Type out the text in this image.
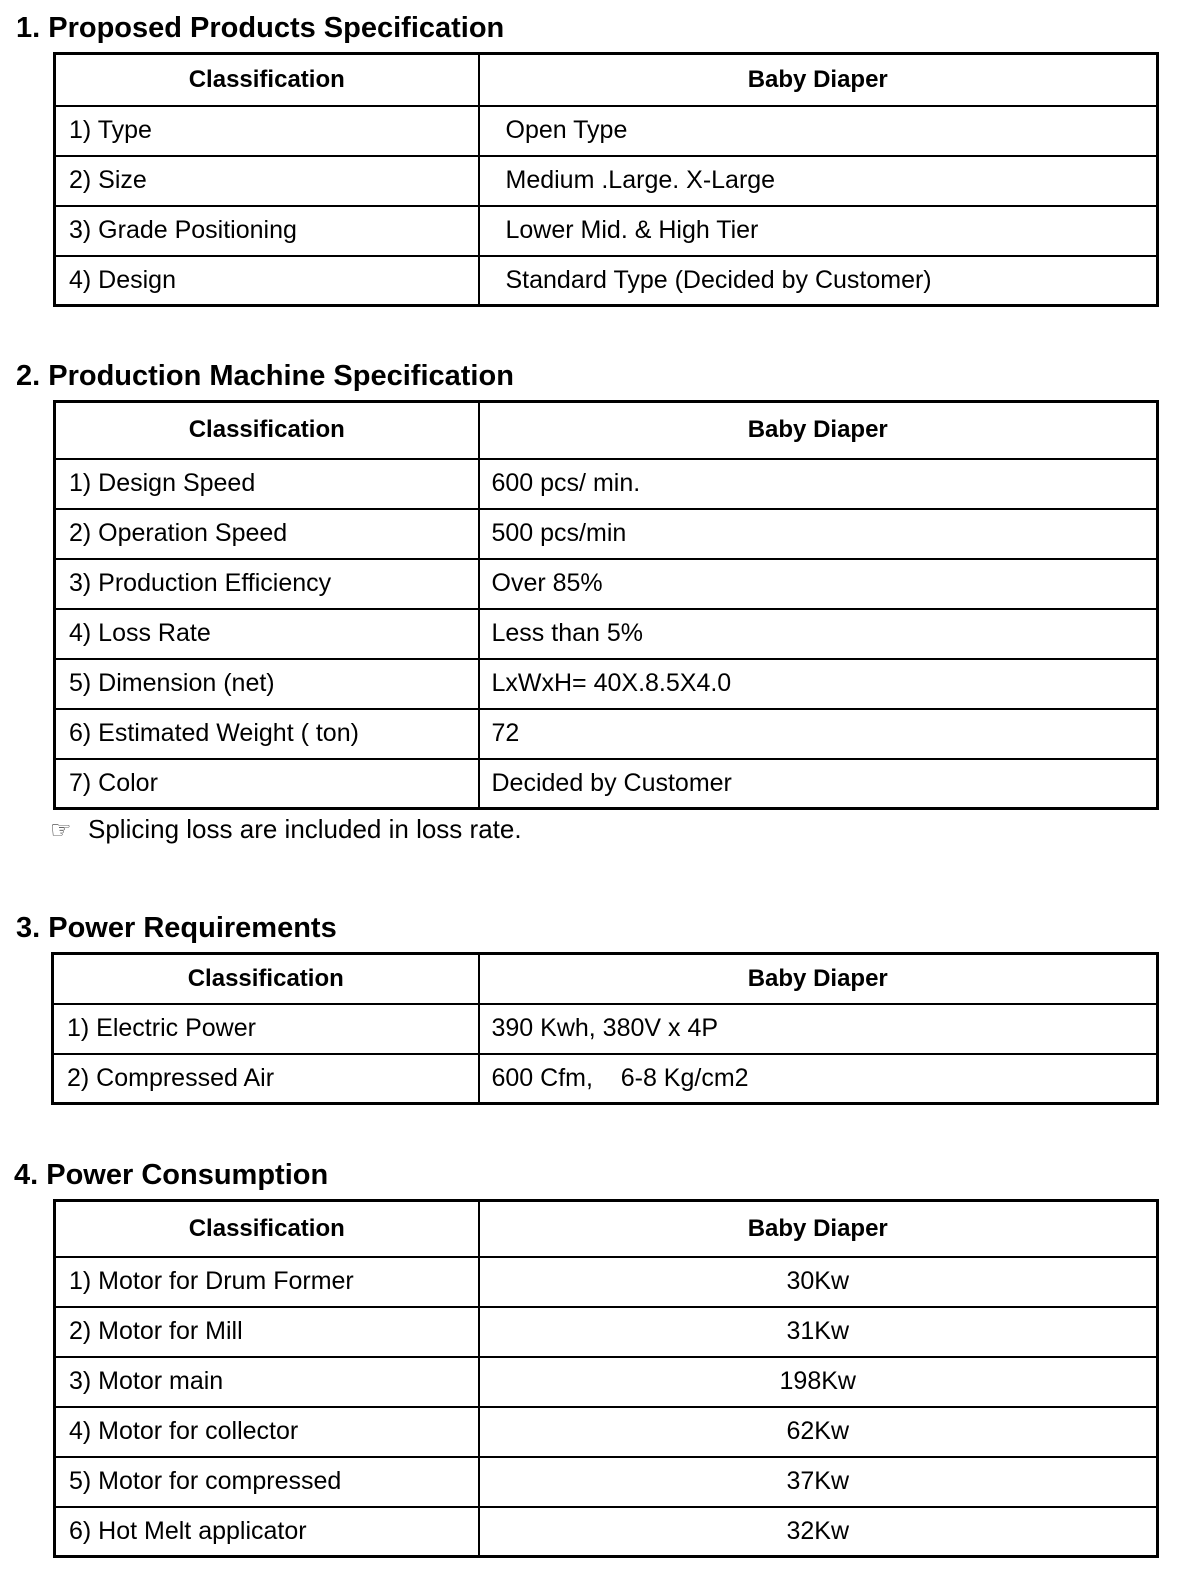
1. Proposed Products Specification
Classification	Baby Diaper
1) Type	Open Type
2) Size	Medium .Large. X-Large
3) Grade Positioning	Lower Mid. & High Tier
4) Design	Standard Type (Decided by Customer)
2. Production Machine Specification
Classification	Baby Diaper
1) Design Speed	600 pcs/ min.
2) Operation Speed	500 pcs/min
3) Production Efficiency	Over 85%
4) Loss Rate	Less than 5%
5) Dimension (net)	LxWxH= 40X.8.5X4.0
6) Estimated Weight ( ton)	72
7) Color	Decided by Customer

☞ Splicing loss are included in loss rate.

3. Power Requirements
Classification	Baby Diaper
1) Electric Power	390 Kwh, 380V x 4P
2) Compressed Air	600 Cfm,    6-8 Kg/cm2
4. Power Consumption
Classification	Baby Diaper
1) Motor for Drum Former	30Kw
2) Motor for Mill	31Kw
3) Motor main	198Kw
4) Motor for collector	62Kw
5) Motor for compressed	37Kw
6) Hot Melt applicator	32Kw
